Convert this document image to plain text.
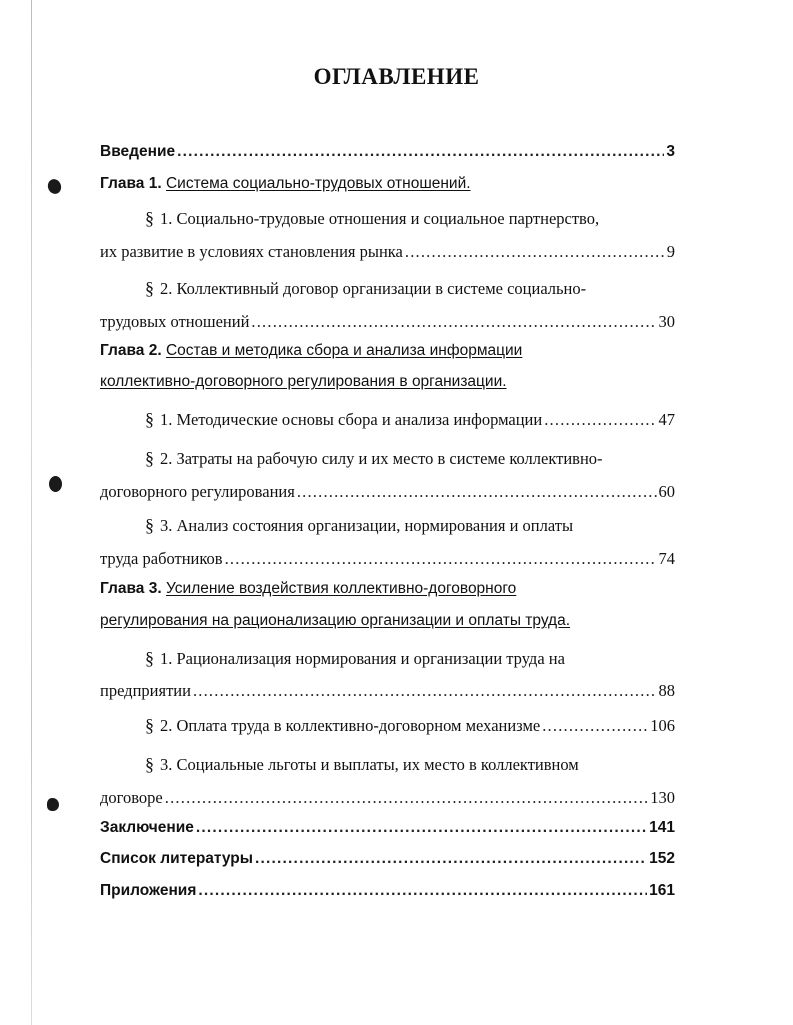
ОГЛАВЛЕНИЕ
Введение .....	3
Глава 1.
Система социально-трудовых отношений.
§ 1.
Социально-трудовые отношения и социальное партнерство,
их развитие в условиях становления рынка .....	9
§ 2.
Коллективный договор организации в системе социально-
трудовых отношений .....	30
Глава 2.
Состав и методика сбора и анализа информации
коллективно-договорного регулирования в организации.
§ 1.
Методические основы сбора и анализа информации .....	47
§ 2.
Затраты на рабочую силу и их место в системе коллективно-
договорного регулирования .....	60
§ 3.
Анализ состояния организации, нормирования и оплаты
труда работников .....	74
Глава 3.
Усиление воздействия коллективно-договорного
регулирования на рационализацию организации и оплаты труда.
§ 1.
Рационализация нормирования и организации труда на
предприятии .....	88
§ 2.
Оплата труда в коллективно-договорном механизме .....	106
§ 3.
Социальные льготы и выплаты, их место в коллективном
договоре .....	130
Заключение .....	141
Список литературы .....	152
Приложения .....	161
